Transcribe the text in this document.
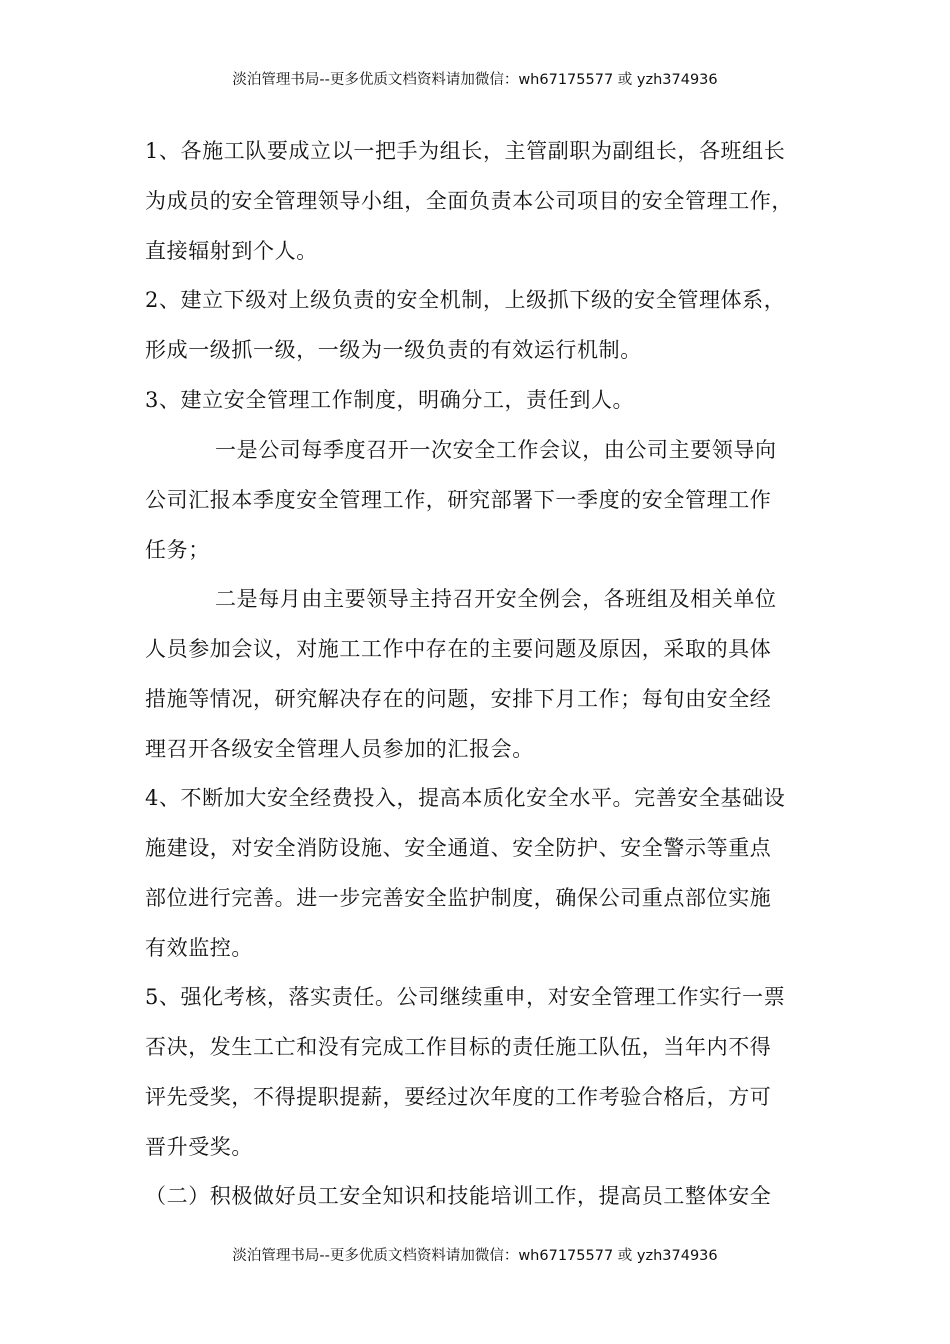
淡泊管理书局--更多优质文档资料请加微信：wh67175577 或 yzh374936
1、各施工队要成立以一把手为组长，主管副职为副组长，各班组长
为成员的安全管理领导小组，全面负责本公司项目的安全管理工作，
直接辐射到个人。
2、建立下级对上级负责的安全机制，上级抓下级的安全管理体系，
形成一级抓一级，一级为一级负责的有效运行机制。
3、建立安全管理工作制度，明确分工，责任到人。
一是公司每季度召开一次安全工作会议，由公司主要领导向
公司汇报本季度安全管理工作，研究部署下一季度的安全管理工作
任务；
二是每月由主要领导主持召开安全例会，各班组及相关单位
人员参加会议，对施工工作中存在的主要问题及原因，采取的具体
措施等情况，研究解决存在的问题，安排下月工作；每旬由安全经
理召开各级安全管理人员参加的汇报会。
4、不断加大安全经费投入，提高本质化安全水平。完善安全基础设
施建设，对安全消防设施、安全通道、安全防护、安全警示等重点
部位进行完善。进一步完善安全监护制度，确保公司重点部位实施
有效监控。
5、强化考核，落实责任。公司继续重申，对安全管理工作实行一票
否决，发生工亡和没有完成工作目标的责任施工队伍，当年内不得
评先受奖，不得提职提薪，要经过次年度的工作考验合格后，方可
晋升受奖。
（二）积极做好员工安全知识和技能培训工作，提高员工整体安全
淡泊管理书局--更多优质文档资料请加微信：wh67175577 或 yzh374936
